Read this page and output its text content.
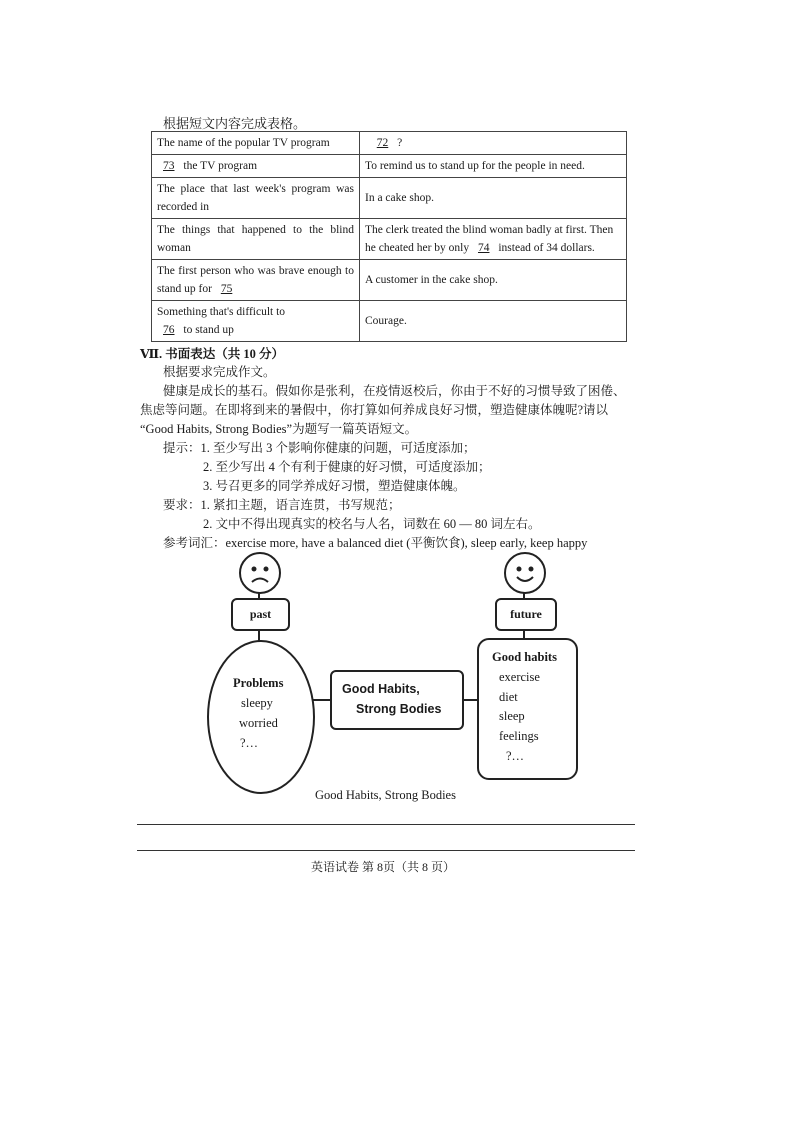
根据短文内容完成表格。
The name of the popular TV program	72 ?
73 the TV program	To remind us to stand up for the people in need.
The place that last week's program was recorded in	In a cake shop.
The things that happened to the blind woman	The clerk treated the blind woman badly at first. Then he cheated her by only 74 instead of 34 dollars.
The first person who was brave enough to stand up for 75	A customer in the cake shop.
Something that's difficult to
76 to stand up	Courage.
Ⅶ. 书面表达（共 10 分）
根据要求完成作文。
健康是成长的基石。假如你是张利，在疫情返校后，你由于不好的习惯导致了困倦、
焦虑等问题。在即将到来的暑假中，你打算如何养成良好习惯，塑造健康体魄呢?请以
“Good Habits, Strong Bodies”为题写一篇英语短文。
提示：1. 至少写出 3 个影响你健康的问题，可适度添加；
2. 至少写出 4 个有利于健康的好习惯，可适度添加；
3. 号召更多的同学养成好习惯，塑造健康体魄。
要求：1. 紧扣主题，语言连贯，书写规范；
2. 文中不得出现真实的校名与人名，词数在 60 — 80 词左右。
参考词汇：exercise more, have a balanced diet (平衡饮食), sleep early, keep happy
past	future
Problems
sleepy
worried
?…
Good Habits,
Strong Bodies
Good habits
exercise
diet
sleep
feelings
?…
Good Habits, Strong Bodies
英语试卷 第 8页（共 8 页）
